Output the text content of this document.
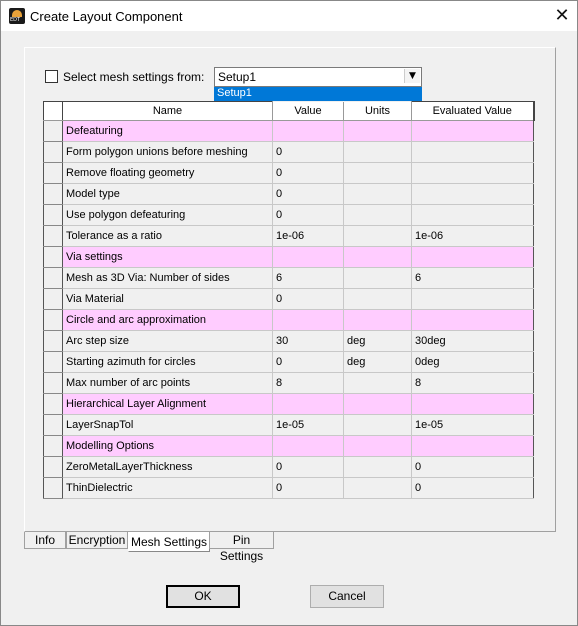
EDT
Create Layout Component	✕
Select mesh settings from: Setup1	▼
Setup1
	Name	Value	Units	Evaluated Value
	Defeaturing			
	Form polygon unions before meshing	0		
	Remove floating geometry	0		
	Model type	0		
	Use polygon defeaturing	0		
	Tolerance as a ratio	1e-06		1e-06
	Via settings			
	Mesh as 3D Via: Number of sides	6		6
	Via Material	0		
	Circle and arc approximation			
	Arc step size	30	deg	30deg
	Starting azimuth for circles	0	deg	0deg
	Max number of arc points	8		8
	Hierarchical Layer Alignment			
	LayerSnapTol	1e-05		1e-05
	Modelling Options			
	ZeroMetalLayerThickness	0		0
	ThinDielectric	0		0
Info	Encryption Mesh Settings	Pin Settings
OK	Cancel
